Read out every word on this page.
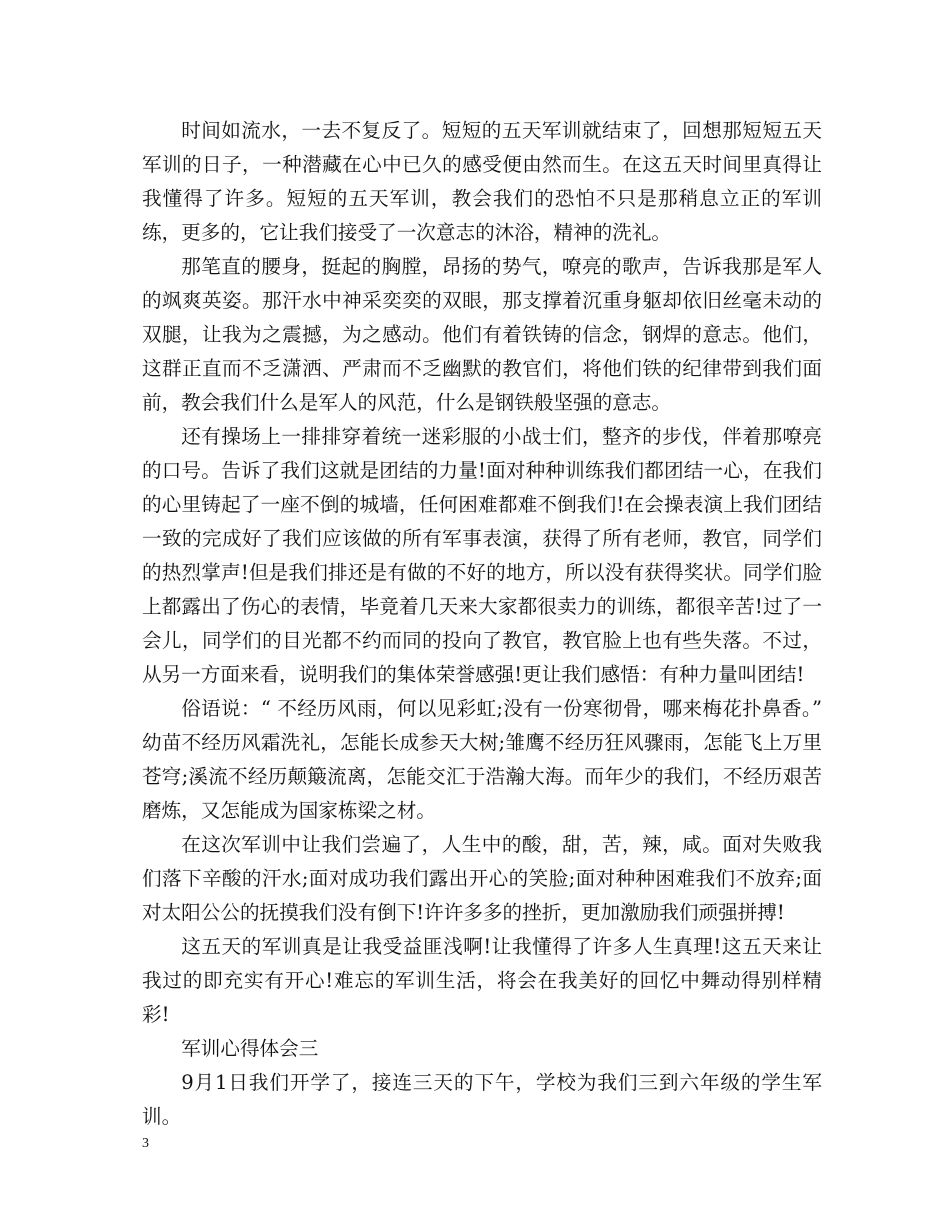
时间如流水，一去不复反了。短短的五天军训就结束了，回想那短短五天军训的日子，一种潜藏在心中已久的感受便由然而生。在这五天时间里真得让我懂得了许多。短短的五天军训，教会我们的恐怕不只是那稍息立正的军训练，更多的，它让我们接受了一次意志的沐浴，精神的洗礼。

那笔直的腰身，挺起的胸膛，昂扬的势气，嘹亮的歌声，告诉我那是军人的飒爽英姿。那汗水中神采奕奕的双眼，那支撑着沉重身躯却依旧丝毫未动的双腿，让我为之震撼，为之感动。他们有着铁铸的信念，钢焊的意志。他们，这群正直而不乏潇洒、严肃而不乏幽默的教官们，将他们铁的纪律带到我们面前，教会我们什么是军人的风范，什么是钢铁般坚强的意志。

还有操场上一排排穿着统一迷彩服的小战士们，整齐的步伐，伴着那嘹亮的口号。告诉了我们这就是团结的力量!面对种种训练我们都团结一心，在我们的心里铸起了一座不倒的城墙，任何困难都难不倒我们!在会操表演上我们团结一致的完成好了我们应该做的所有军事表演，获得了所有老师，教官，同学们的热烈掌声!但是我们排还是有做的不好的地方，所以没有获得奖状。同学们脸上都露出了伤心的表情，毕竟着几天来大家都很卖力的训练，都很辛苦!过了一会儿，同学们的目光都不约而同的投向了教官，教官脸上也有些失落。不过，从另一方面来看，说明我们的集体荣誉感强!更让我们感悟：有种力量叫团结!

俗语说：“ 不经历风雨，何以见彩虹;没有一份寒彻骨，哪来梅花扑鼻香。” 幼苗不经历风霜洗礼，怎能长成参天大树;雏鹰不经历狂风骤雨，怎能飞上万里苍穹;溪流不经历颠簸流离，怎能交汇于浩瀚大海。而年少的我们，不经历艰苦磨炼，又怎能成为国家栋梁之材。

在这次军训中让我们尝遍了，人生中的酸，甜，苦，辣，咸。面对失败我们落下辛酸的汗水;面对成功我们露出开心的笑脸;面对种种困难我们不放弃;面对太阳公公的抚摸我们没有倒下!许许多多的挫折，更加激励我们顽强拼搏!

这五天的军训真是让我受益匪浅啊!让我懂得了许多人生真理!这五天来让我过的即充实有开心!难忘的军训生活，将会在我美好的回忆中舞动得别样精彩!

军训心得体会三

9月1日我们开学了，接连三天的下午，学校为我们三到六年级的学生军训。

3
